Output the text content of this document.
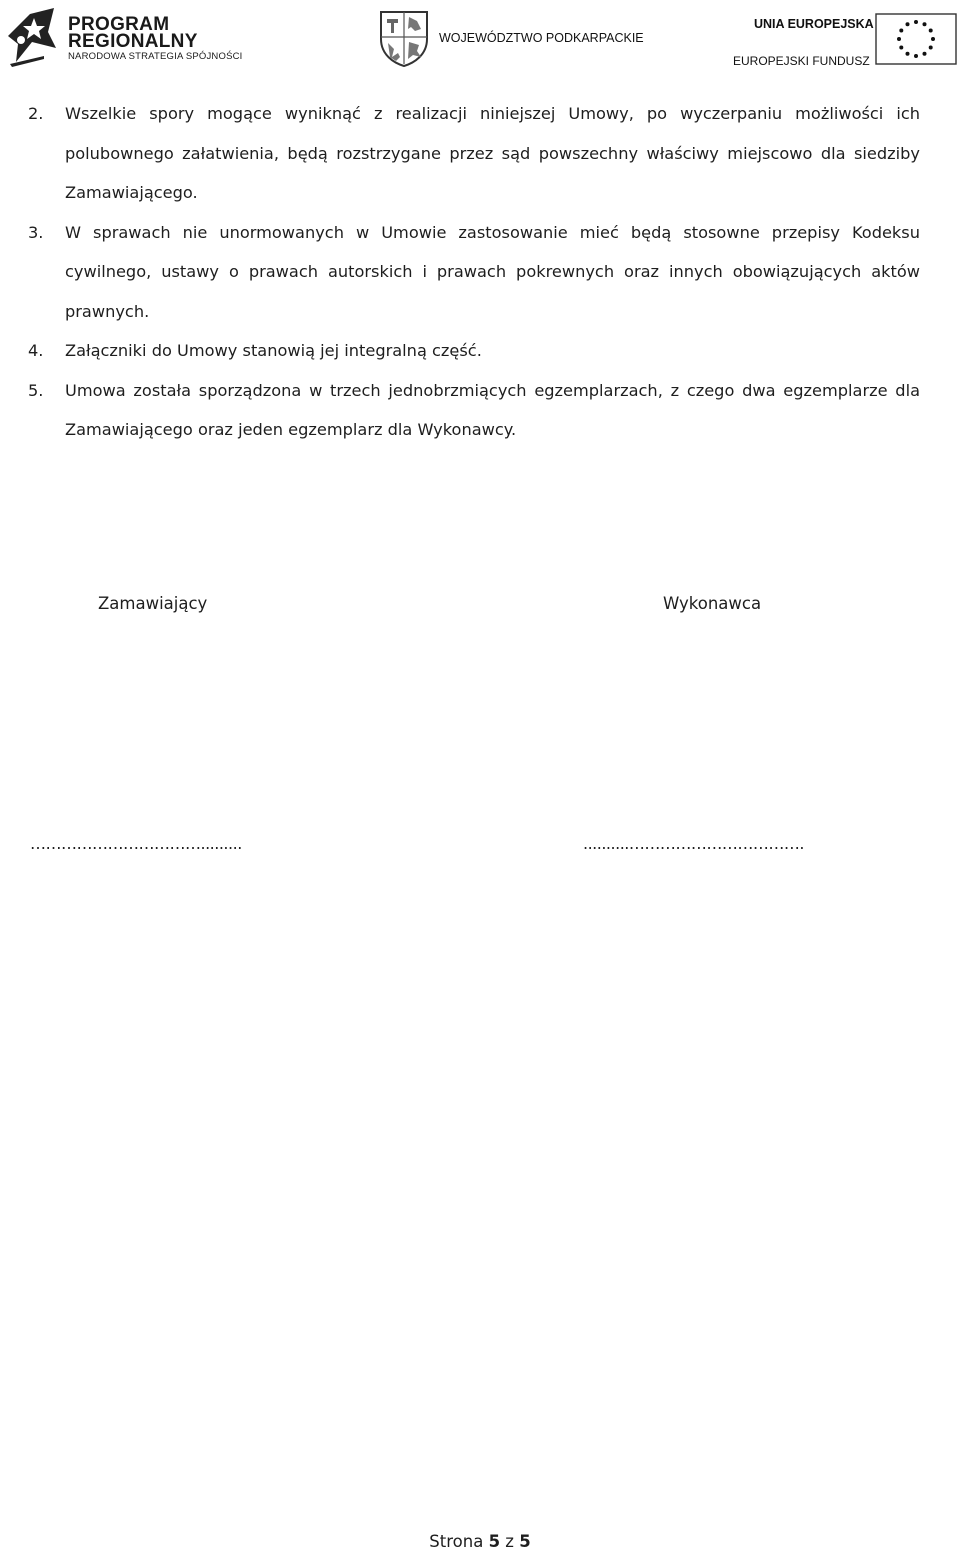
PROGRAM
REGIONALNY
NARODOWA STRATEGIA SPÓJNOŚCI
WOJEWÓDZTWO PODKARPACKIE
UNIA EUROPEJSKA
EUROPEJSKI FUNDUSZ
2. Wszelkie spory mogące wyniknąć z realizacji niniejszej Umowy, po wyczerpaniu możliwości ich polubownego załatwienia, będą rozstrzygane przez sąd powszechny właściwy miejscowo dla siedziby Zamawiającego.
3. W sprawach nie unormowanych w Umowie zastosowanie mieć będą stosowne przepisy Kodeksu cywilnego, ustawy o prawach autorskich i prawach pokrewnych oraz innych obowiązujących aktów prawnych.
4. Załączniki do Umowy stanowią jej integralną część.
5. Umowa została sporządzona w trzech jednobrzmiących egzemplarzach, z czego dwa egzemplarze dla Zamawiającego oraz jeden egzemplarz dla Wykonawcy.
Zamawiający	Wykonawca
…………………………….........	..........…………………………….
Strona 5 z 5
